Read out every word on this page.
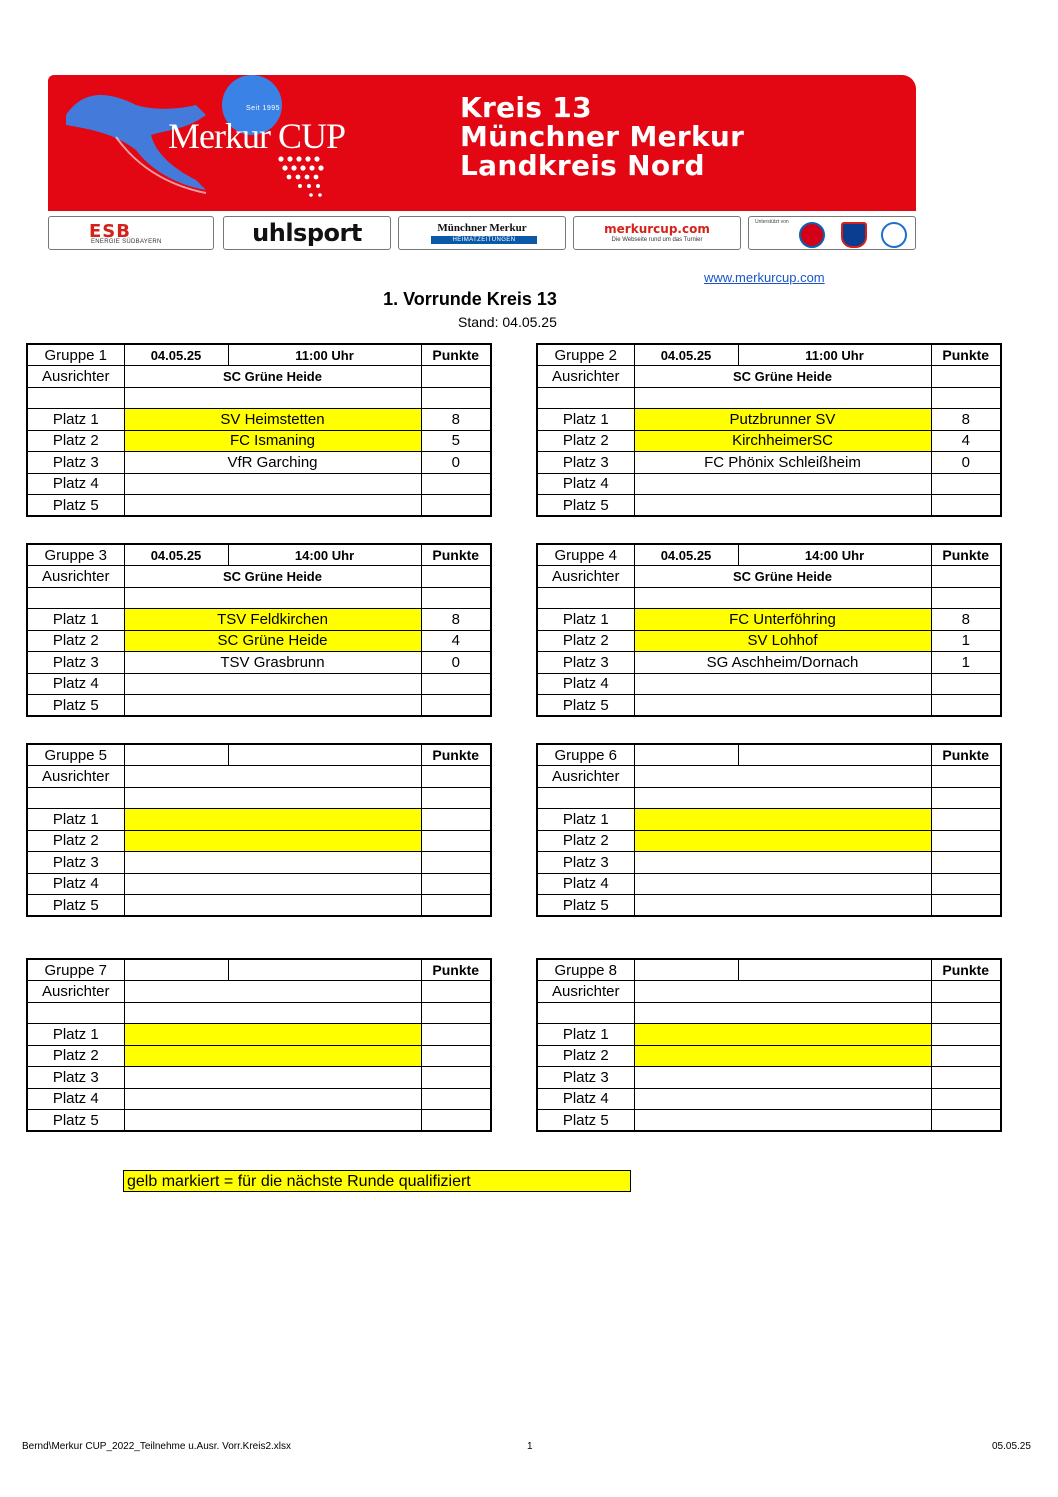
Seit 1995
Merkur CUP
Kreis 13
Münchner Merkur
Landkreis Nord
ESB
ENERGIE SÜDBAYERN	uhlsport	Münchner Merkur
HEIMATZEITUNGEN
merkurcup.com
Die Webseite rund um das Turnier
Unterstützt von
www.merkurcup.com
1. Vorrunde Kreis 13
Stand: 04.05.25
Gruppe 1	04.05.25	11:00 Uhr	Punkte
Ausrichter	SC Grüne Heide		

Platz 1	SV Heimstetten		8
Platz 2	FC Ismaning		5
Platz 3	VfR Garching		0
Platz 4			
Platz 5			
Gruppe 2	04.05.25	11:00 Uhr	Punkte
Ausrichter	SC Grüne Heide		

Platz 1	Putzbrunner SV		8
Platz 2	KirchheimerSC		4
Platz 3	FC Phönix Schleißheim		0
Platz 4			
Platz 5			
Gruppe 3	04.05.25	14:00 Uhr	Punkte
Ausrichter	SC Grüne Heide		

Platz 1	TSV Feldkirchen		8
Platz 2	SC Grüne Heide		4
Platz 3	TSV Grasbrunn		0
Platz 4			
Platz 5			
Gruppe 4	04.05.25	14:00 Uhr	Punkte
Ausrichter	SC Grüne Heide		

Platz 1	FC Unterföhring		8
Platz 2	SV Lohhof		1
Platz 3	SG Aschheim/Dornach		1
Platz 4			
Platz 5			
Gruppe 5			Punkte
Ausrichter			

Platz 1			
Platz 2			
Platz 3			
Platz 4			
Platz 5			
Gruppe 6			Punkte
Ausrichter			

Platz 1			
Platz 2			
Platz 3			
Platz 4			
Platz 5			
Gruppe 7			Punkte
Ausrichter			

Platz 1			
Platz 2			
Platz 3			
Platz 4			
Platz 5			
Gruppe 8			Punkte
Ausrichter			

Platz 1			
Platz 2			
Platz 3			
Platz 4			
Platz 5			
gelb markiert = für die nächste Runde qualifiziert
Bernd\Merkur CUP_2022_Teilnehme u.Ausr. Vorr.Kreis2.xlsx	1	05.05.25
